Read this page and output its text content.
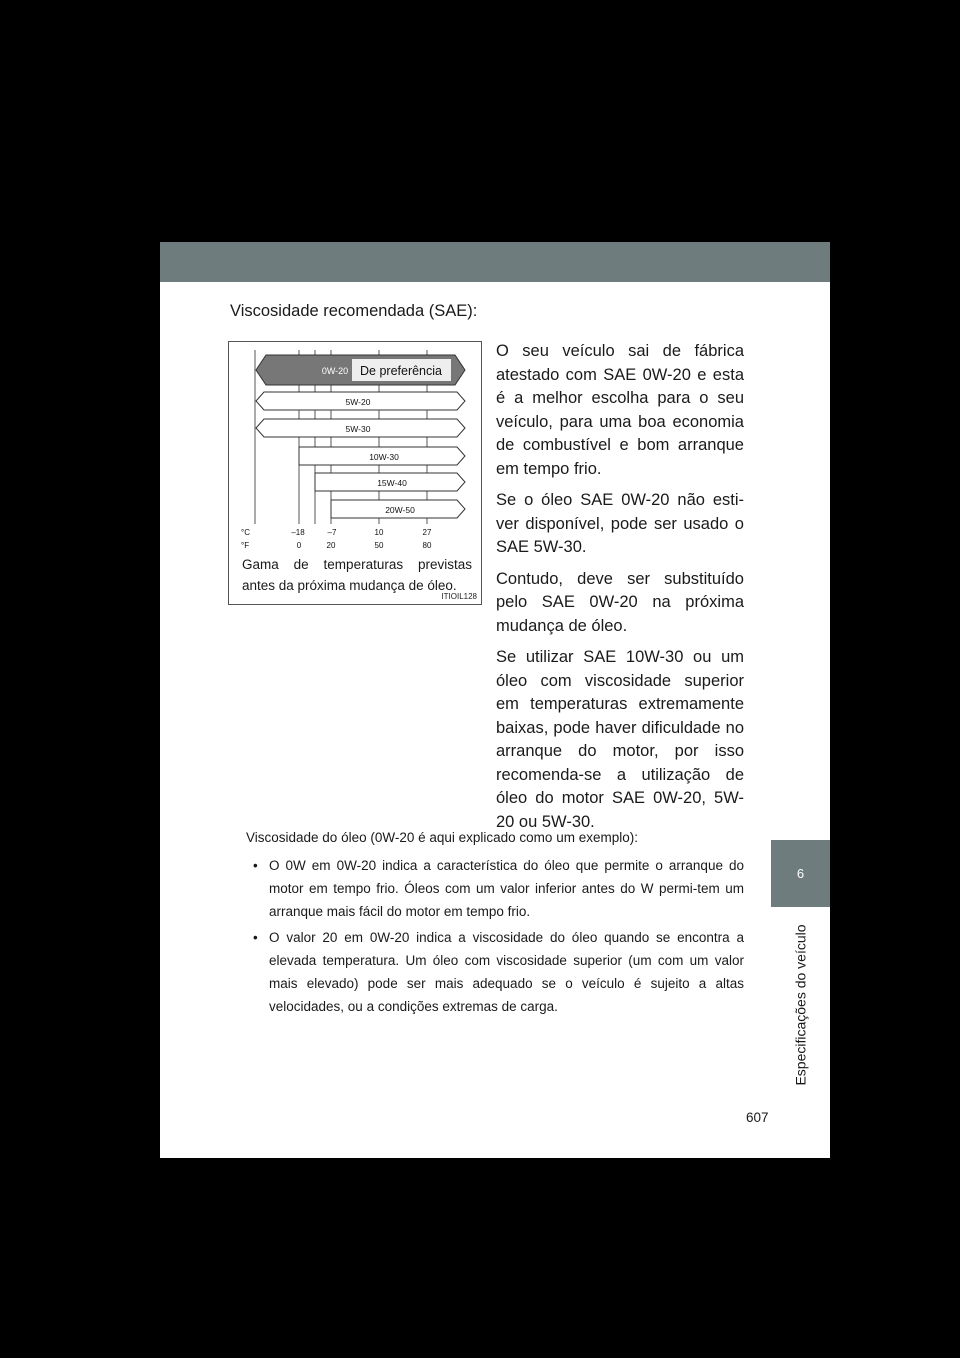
6
Especificações do veículo
Viscosidade recomendada (SAE):
0W-20 De preferência
5W-20
5W-30
10W-30
15W-40
20W-50
°C
°F
–18	–7	10	27
0	20	50	80
Gama de temperaturas previstas antes da próxima mudança de óleo.
ITIOIL128

O seu veículo sai de fábrica atestado com SAE 0W-20 e esta é a melhor escolha para o seu veículo, para uma boa economia de combustível e bom arranque em tempo frio.

Se o óleo SAE 0W-20 não esti-ver disponível, pode ser usado o SAE 5W-30.

Contudo, deve ser substituído pelo SAE 0W-20 na próxima mudança de óleo.

Se utilizar SAE 10W-30 ou um óleo com viscosidade superior em temperaturas extremamente baixas, pode haver dificuldade no arranque do motor, por isso recomenda-se a utilização de óleo do motor SAE 0W-20, 5W-20 ou 5W-30.

Viscosidade do óleo (0W-20 é aqui explicado como um exemplo):
• O 0W em 0W-20 indica a característica do óleo que permite o arranque do motor em tempo frio. Óleos com um valor inferior antes do W permi-tem um arranque mais fácil do motor em tempo frio.
• O valor 20 em 0W-20 indica a viscosidade do óleo quando se encontra a elevada temperatura. Um óleo com viscosidade superior (um com um valor mais elevado) pode ser mais adequado se o veículo é sujeito a altas velocidades, ou a condições extremas de carga.
607
